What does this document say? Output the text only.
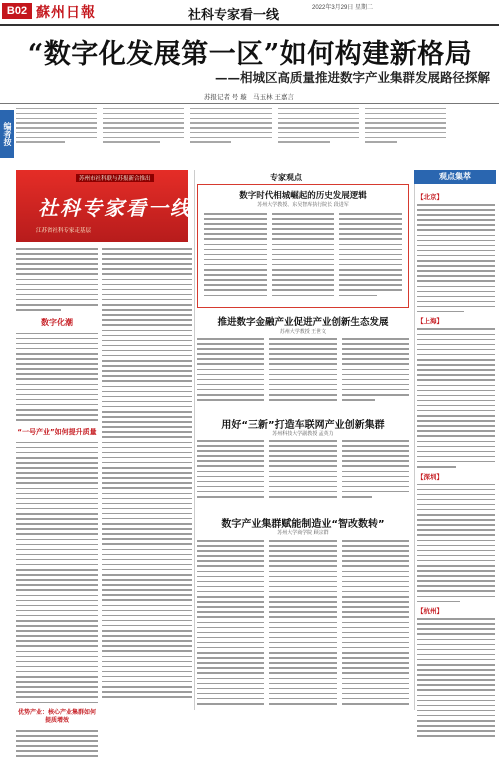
B02 蘇州日報	社科专家看一线	2022年3月29日 星期二
“数字化发展第一区”如何构建新格局
——相城区高质量推进数字产业集群发展路径探解
苏报记者 号 璇　马玉林 王嘉言
编者按
苏州市社科联与苏报新合推出
社科专家看一线
江苏省社科专家走基层
数字化潮
“一号产业”如何提升质量
优势产业：核心产业集群如何提质增效
专家观点
数字时代相城崛起的历史发展逻辑
苏州大学教授、东吴智库执行院长 段进军
推进数字金融产业促进产业创新生态发展
苏州大学教授 王世文
用好“三新”打造车联网产业创新集群
苏州科技大学副教授 孟英力
数字产业集群赋能制造业“智改数转”
苏州大学商学院 顾宗群
观点集萃
【北京】
【上海】
【深圳】
【杭州】
